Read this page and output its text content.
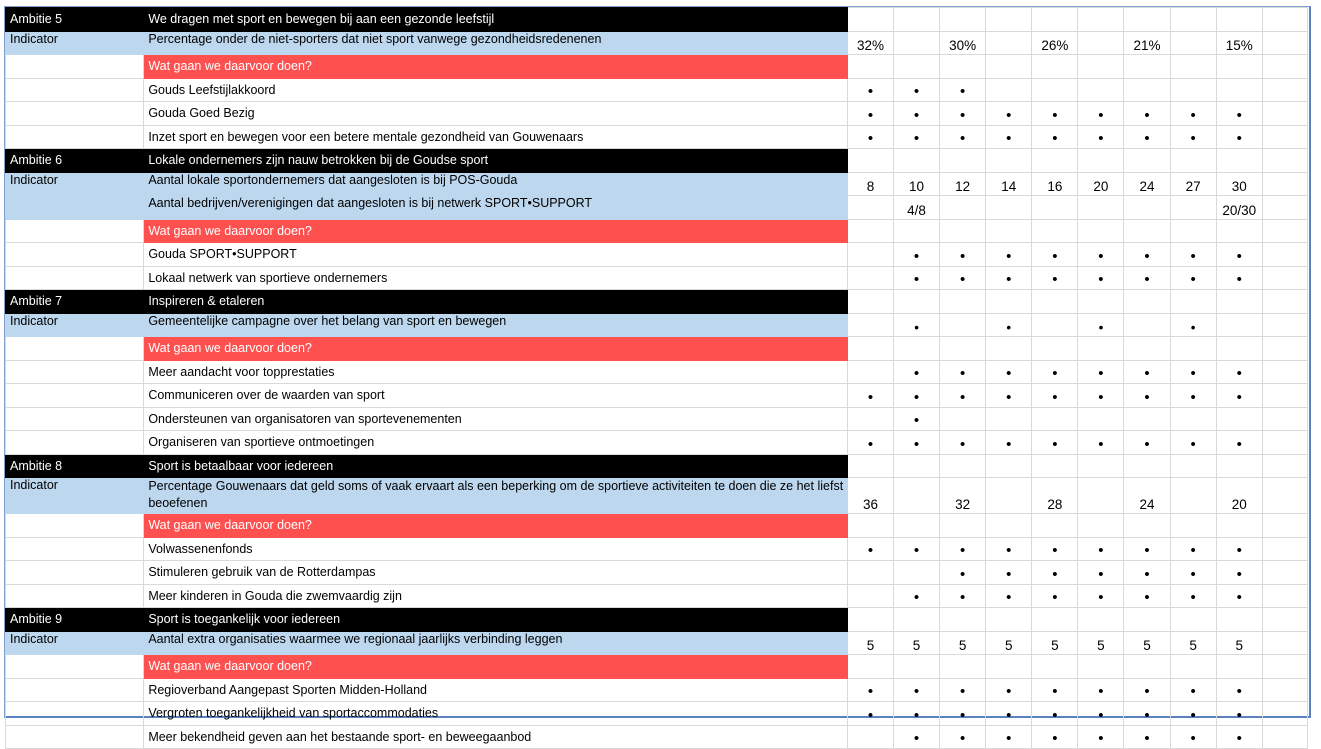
Ambitie 5	We dragen met sport en bewegen bij aan een gezonde leefstijl										
Indicator	Percentage onder de niet-sporters dat niet sport vanwege gezondheidsredenenen	32%		30%		26%		21%		15%	
	Wat gaan we daarvoor doen?										
	Gouds Leefstijlakkoord	•	•	•							
	Gouda Goed Bezig	•	•	•	•	•	•	•	•	•	
	Inzet sport en bewegen voor een betere mentale gezondheid van Gouwenaars	•	•	•	•	•	•	•	•	•	
Ambitie 6	Lokale ondernemers zijn nauw betrokken bij de Goudse sport										
Indicator	Aantal lokale sportondernemers dat aangesloten is bij POS-Gouda	8	10	12	14	16	20	24	27	30	
	Aantal bedrijven/verenigingen dat aangesloten is bij netwerk SPORT•SUPPORT		4/8							20/30	
	Wat gaan we daarvoor doen?										
	Gouda SPORT•SUPPORT		•	•	•	•	•	•	•	•	
	Lokaal netwerk van sportieve ondernemers		•	•	•	•	•	•	•	•	
Ambitie 7	Inspireren & etaleren										
Indicator	Gemeentelijke campagne over het belang van sport en bewegen		•		•		•		•		
	Wat gaan we daarvoor doen?										
	Meer aandacht voor topprestaties		•	•	•	•	•	•	•	•	
	Communiceren over de waarden van sport	•	•	•	•	•	•	•	•	•	
	Ondersteunen van organisatoren van sportevenementen		•								
	Organiseren van sportieve ontmoetingen	•	•	•	•	•	•	•	•	•	
Ambitie 8	Sport is betaalbaar voor iedereen										
Indicator	Percentage Gouwenaars dat geld soms of vaak ervaart als een beperking om de sportieve activiteiten te doen die ze het liefst beoefenen	36		32		28		24		20	
	Wat gaan we daarvoor doen?										
	Volwassenenfonds	•	•	•	•	•	•	•	•	•	
	Stimuleren gebruik van de Rotterdampas			•	•	•	•	•	•	•	
	Meer kinderen in Gouda die zwemvaardig zijn		•	•	•	•	•	•	•	•	
Ambitie 9	Sport is toegankelijk voor iedereen										
Indicator	Aantal extra organisaties waarmee we regionaal jaarlijks verbinding leggen	5	5	5	5	5	5	5	5	5	
	Wat gaan we daarvoor doen?										
	Regioverband Aangepast Sporten Midden-Holland	•	•	•	•	•	•	•	•	•	
	Vergroten toegankelijkheid van sportaccommodaties	•	•	•	•	•	•	•	•	•	
	Meer bekendheid geven aan het bestaande sport- en beweegaanbod		•	•	•	•	•	•	•	•	
